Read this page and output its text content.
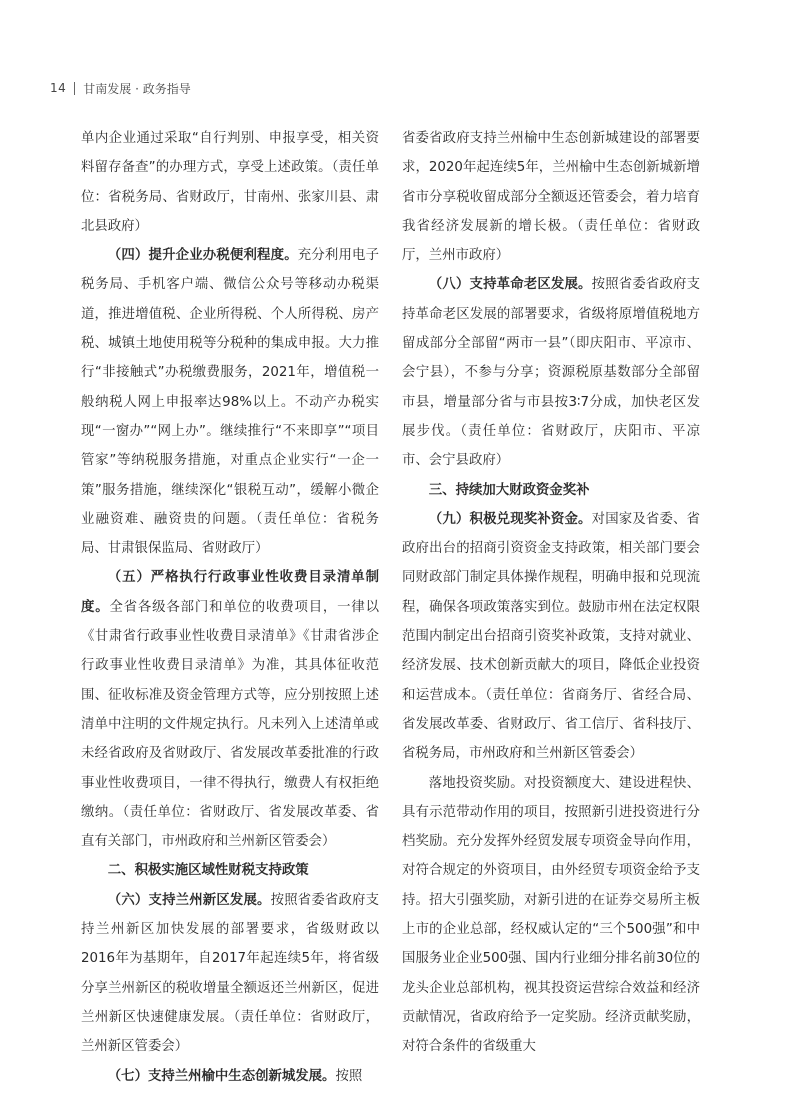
14 甘南发展 · 政务指导

单内企业通过采取“自行判别、申报享受，相关资料留存备查”的办理方式，享受上述政策。（责任单位：省税务局、省财政厅，甘南州、张家川县、肃北县政府）

（四）提升企业办税便利程度。充分利用电子税务局、手机客户端、微信公众号等移动办税渠道，推进增值税、企业所得税、个人所得税、房产税、城镇土地使用税等分税种的集成申报。大力推行“非接触式”办税缴费服务，2021年，增值税一般纳税人网上申报率达98%以上。不动产办税实现“一窗办”“网上办”。继续推行“不来即享”“项目管家”等纳税服务措施，对重点企业实行“一企一策”服务措施，继续深化“银税互动”，缓解小微企业融资难、融资贵的问题。（责任单位：省税务局、甘肃银保监局、省财政厅）

（五）严格执行行政事业性收费目录清单制度。全省各级各部门和单位的收费项目，一律以《甘肃省行政事业性收费目录清单》《甘肃省涉企行政事业性收费目录清单》为准，其具体征收范围、征收标准及资金管理方式等，应分别按照上述清单中注明的文件规定执行。凡未列入上述清单或未经省政府及省财政厅、省发展改革委批准的行政事业性收费项目，一律不得执行，缴费人有权拒绝缴纳。（责任单位：省财政厅、省发展改革委、省直有关部门，市州政府和兰州新区管委会）

二、积极实施区域性财税支持政策

（六）支持兰州新区发展。按照省委省政府支持兰州新区加快发展的部署要求，省级财政以2016年为基期年，自2017年起连续5年，将省级分享兰州新区的税收增量全额返还兰州新区，促进兰州新区快速健康发展。（责任单位：省财政厅，兰州新区管委会）

（七）支持兰州榆中生态创新城发展。按照

省委省政府支持兰州榆中生态创新城建设的部署要求，2020年起连续5年，兰州榆中生态创新城新增省市分享税收留成部分全额返还管委会，着力培育我省经济发展新的增长极。（责任单位：省财政厅，兰州市政府）

（八）支持革命老区发展。按照省委省政府支持革命老区发展的部署要求，省级将原增值税地方留成部分全部留“两市一县”（即庆阳市、平凉市、会宁县），不参与分享；资源税原基数部分全部留市县，增量部分省与市县按3∶7分成，加快老区发展步伐。（责任单位：省财政厅，庆阳市、平凉市、会宁县政府）

三、持续加大财政资金奖补

（九）积极兑现奖补资金。对国家及省委、省政府出台的招商引资资金支持政策，相关部门要会同财政部门制定具体操作规程，明确申报和兑现流程，确保各项政策落实到位。鼓励市州在法定权限范围内制定出台招商引资奖补政策，支持对就业、经济发展、技术创新贡献大的项目，降低企业投资和运营成本。（责任单位：省商务厅、省经合局、省发展改革委、省财政厅、省工信厅、省科技厅、省税务局，市州政府和兰州新区管委会）

落地投资奖励。对投资额度大、建设进程快、具有示范带动作用的项目，按照新引进投资进行分档奖励。充分发挥外经贸发展专项资金导向作用，对符合规定的外资项目，由外经贸专项资金给予支持。招大引强奖励，对新引进的在证券交易所主板上市的企业总部，经权威认定的“三个500强”和中国服务业企业500强、国内行业细分排名前30位的龙头企业总部机构，视其投资运营综合效益和经济贡献情况，省政府给予一定奖励。经济贡献奖励，对符合条件的省级重大
